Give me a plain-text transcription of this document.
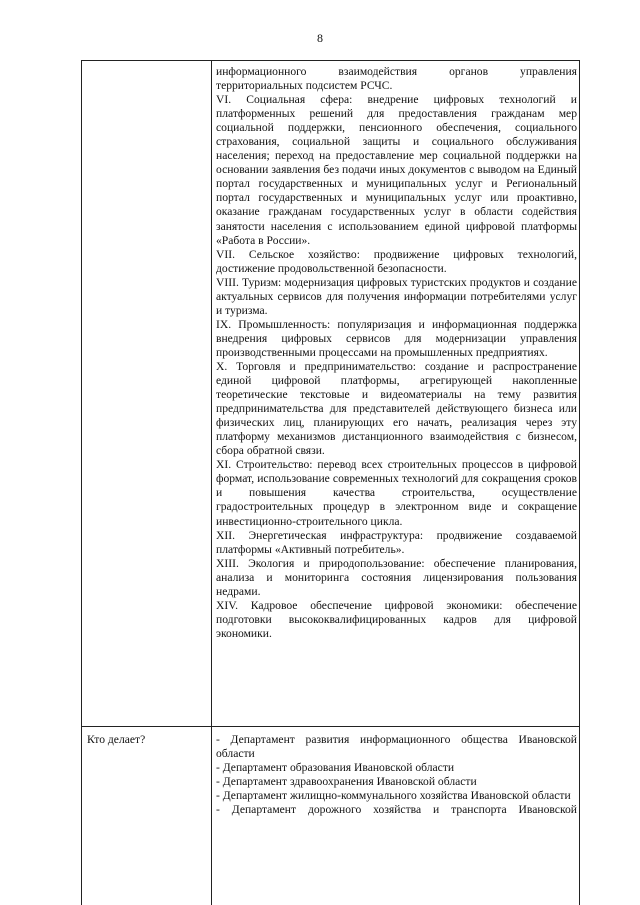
8

информационного взаимодействия органов управления территориальных подсистем РСЧС.

VI. Социальная сфера: внедрение цифровых технологий и платформенных решений для предоставления гражданам мер социальной поддержки, пенсионного обеспечения, социального страхования, социальной защиты и социального обслуживания населения; переход на предоставление мер социальной поддержки на основании заявления без подачи иных документов с выводом на Единый портал государственных и муниципальных услуг и Региональный портал государственных и муниципальных услуг или проактивно, оказание гражданам государственных услуг в области содействия занятости населения с использованием единой цифровой платформы «Работа в России».

VII. Сельское хозяйство: продвижение цифровых технологий, достижение продовольственной безопасности.

VIII. Туризм: модернизация цифровых туристских продуктов и создание актуальных сервисов для получения информации потребителями услуг и туризма.

IX. Промышленность: популяризация и информационная поддержка внедрения цифровых сервисов для модернизации управления производственными процессами на промышленных предприятиях.

X. Торговля и предпринимательство: создание и распространение единой цифровой платформы, агрегирующей накопленные теоретические текстовые и видеоматериалы на тему развития предпринимательства для представителей действующего бизнеса или физических лиц, планирующих его начать, реализация через эту платформу механизмов дистанционного взаимодействия с бизнесом, сбора обратной связи.

XI. Строительство: перевод всех строительных процессов в цифровой формат, использование современных технологий для сокращения сроков и повышения качества строительства, осуществление градостроительных процедур в электронном виде и сокращение инвестиционно-строительного цикла.

XII. Энергетическая инфраструктура: продвижение создаваемой платформы «Активный потребитель».

XIII. Экология и природопользование: обеспечение планирования, анализа и мониторинга состояния лицензирования пользования недрами.

XIV. Кадровое обеспечение цифровой экономики: обеспечение подготовки высококвалифицированных кадров для цифровой экономики.

Кто делает?	- Департамент развития информационного общества Ивановской области

- Департамент образования Ивановской области

- Департамент здравоохранения Ивановской области

- Департамент жилищно-коммунального хозяйства Ивановской области

- Департамент дорожного хозяйства и транспорта Ивановской
